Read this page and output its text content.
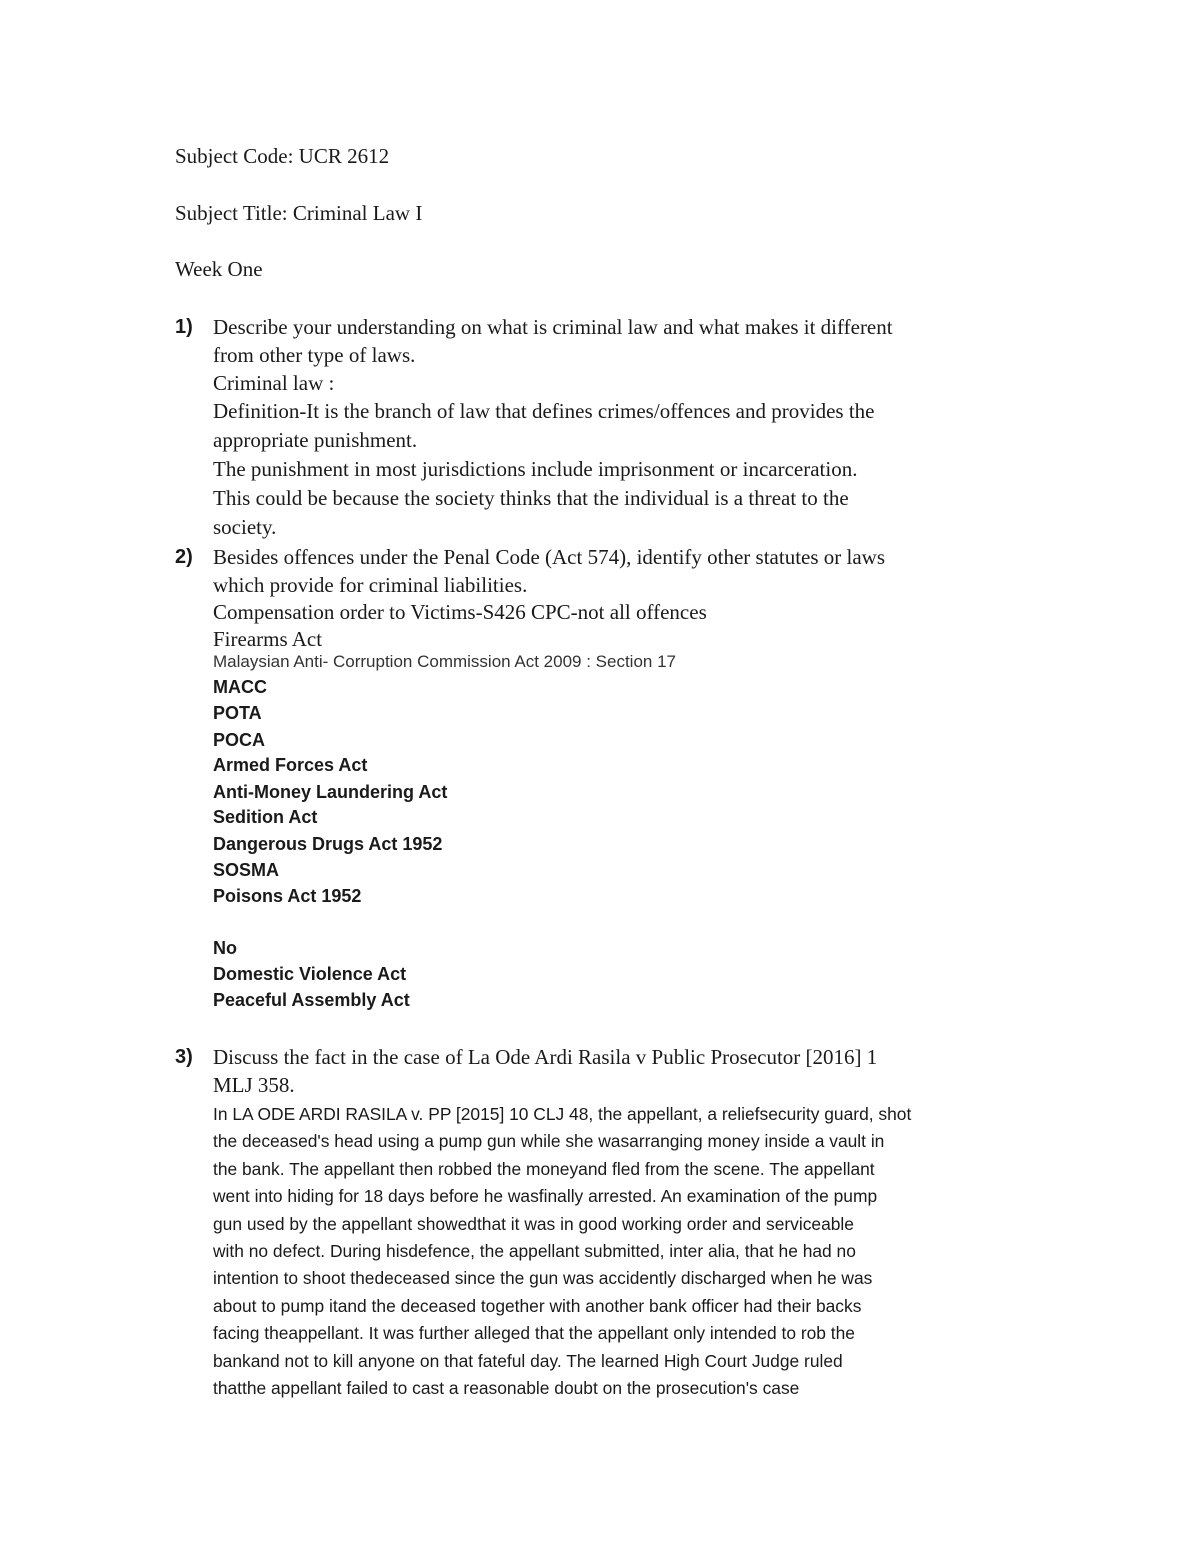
Subject Code: UCR 2612
Subject Title: Criminal Law I
Week One
1) Describe your understanding on what is criminal law and what makes it different
from other type of laws.
Criminal law :
Definition-It is the branch of law that defines crimes/offences and provides the
appropriate punishment.
The punishment in most jurisdictions include imprisonment or incarceration.
This could be because the society thinks that the individual is a threat to the
society.
2) Besides offences under the Penal Code (Act 574), identify other statutes or laws
which provide for criminal liabilities.
Compensation order to Victims-S426 CPC-not all offences
Firearms Act
Malaysian Anti- Corruption Commission Act 2009 : Section 17
MACC
POTA
POCA
Armed Forces Act
Anti-Money Laundering Act
Sedition Act
Dangerous Drugs Act 1952
SOSMA
Poisons Act 1952
No
Domestic Violence Act
Peaceful Assembly Act
3) Discuss the fact in the case of La Ode Ardi Rasila v Public Prosecutor [2016] 1
MLJ 358.
In LA ODE ARDI RASILA v. PP [2015] 10 CLJ 48, the appellant, a reliefsecurity guard, shot
the deceased's head using a pump gun while she wasarranging money inside a vault in
the bank. The appellant then robbed the moneyand fled from the scene. The appellant
went into hiding for 18 days before he wasfinally arrested. An examination of the pump
gun used by the appellant showedthat it was in good working order and serviceable
with no defect. During hisdefence, the appellant submitted, inter alia, that he had no
intention to shoot thedeceased since the gun was accidently discharged when he was
about to pump itand the deceased together with another bank officer had their backs
facing theappellant. It was further alleged that the appellant only intended to rob the
bankand not to kill anyone on that fateful day. The learned High Court Judge ruled
thatthe appellant failed to cast a reasonable doubt on the prosecution's case
